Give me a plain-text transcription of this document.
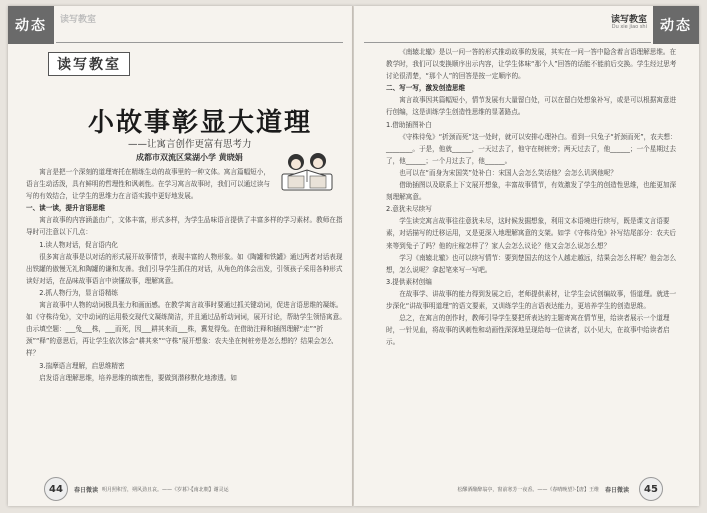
动态	读写教室
读写教室
小故事彰显大道理
——让寓言创作更富有思考力
成都市双流区棠湖小学 黄晓娟

寓言是把一个深刻的道理寄托在精练生动的故事里的一种文体。寓言篇幅短小，语言生动活泼，具有鲜明的哲理性和讽刺性。在学习寓言故事时，我们可以通过读与写的有效结合，让学生的思维力在言语实践中更好地发展。

一、读一读，提升言语思维

寓言故事的内容涵盖由广，文体丰富，形式多样，为学生品味语言提供了丰富多样的学习素材。教师在指导时可注意以下几点：

1.读人物对话，促言语内化

很多寓言故事是以对话的形式展开故事情节，表现丰富的人物形象。如《陶罐和铁罐》通过两者对话表现出铁罐的傲慢无礼和陶罐的谦和友善。我们引导学生抓住的对话，从角色的体会出发，引领孩子采用各种形式读好对话，在品味故事语言中读懂故事，理解寓意。

2.抓人物行为，显言语精练

寓言故事中人物的动词极具张力和画面感。在教学寓言故事时要通过抓关键动词，促进言语思维的凝练。如《守株待兔》，文中动词的运用极交现代文凝练简洁，并且通过品析动词词，展开讨论，帮助学生领悟寓意。由示填空题：___兔___株，___而死，因___耕其来而___株，冀复得兔。在借助注释和插图理解“走”“折颈”“释”的意思后，再让学生依次体会“耕其来”“守株”展开想象：农夫坐在树桩旁是怎么想的？结果会怎么样？

3.揣摩语言理解，启思维精密

启发语言理解思维，培养思维的缜密性，要做到潜移默化地渗透。如

44	春日微读 明月照积雪，朔风劲且哀。——《岁暮》·【南北朝】谢灵运
动态
读写教室
Du xie jiao shi

《南辕北辙》是以一问一答的形式推动故事的发展，其实在一问一答中隐含着言语理解思维。在教学时，我们可以变换顺序出示内容，让学生体味“那个人”回答的话能不能前后交换。学生经过思考讨论很清楚，“那个人”的回答是按一定顺序的。

二、写一写，激发创造思维

寓言故事因其篇幅短小，情节发展有大量留白处，可以在留白处想象补写，或是可以根据寓意进行创编，这是训练学生创造性思维的显著路点。

1.借助插图补白

《守株待兔》“折颈而死”这一处时，就可以安排心理补白。看到一只兔子“折颈而死”，农夫想：________。于是，他就______，一天过去了，他守在树桩旁；两天过去了，他______；一个星期过去了，他______；一个月过去了，他______。

也可以在“而身为宋国笑”处补白：宋国人会怎么笑话他？会怎么讥讽他呢？

借助插图以及联系上下文展开想象，丰富故事情节，有效激发了学生的创造性思维，也能更加深刻理解寓意。

2.意犹未尽续写

学生读完寓言故事往往意犹未尽，这时候发掘想象，利用文本语境进行续写，既是课文言语要素，对话描写的迁移运用，又是更深入地理解寓意的支架。如学《守株待兔》补写结尾部分：农夫后来等到兔子了吗？他的庄稼怎样了？家人会怎么议论？他又会怎么说怎么想？

学习《南辕北辙》也可以续写情节：要到楚国去的这个人越走越远，结果会怎么样呢？他会怎么想，怎么说呢？拿起笔来写一写吧。

3.提供素材创编

在故事学、讲故事的能力得到发展之后，老师提供素材，让学生会试创编故事，悟道理。就进一步深化“讲故事明道理”的语文要素，又训练学生的言语表达能力，更培养学生的创造思维。

总之，在寓言的创作时，教师引导学生要把所表达的主题寄寓在情节里，给读者展示一个道理时，一针见血，将故事的讽刺性和动画性深深地呈现给每一位读者，以小见大，在故事中给读者启示。

松醪酒酿醉翁亭，窗前寒芳一夜香。——《春晴晚望》·【唐】王维 春日微读	45
